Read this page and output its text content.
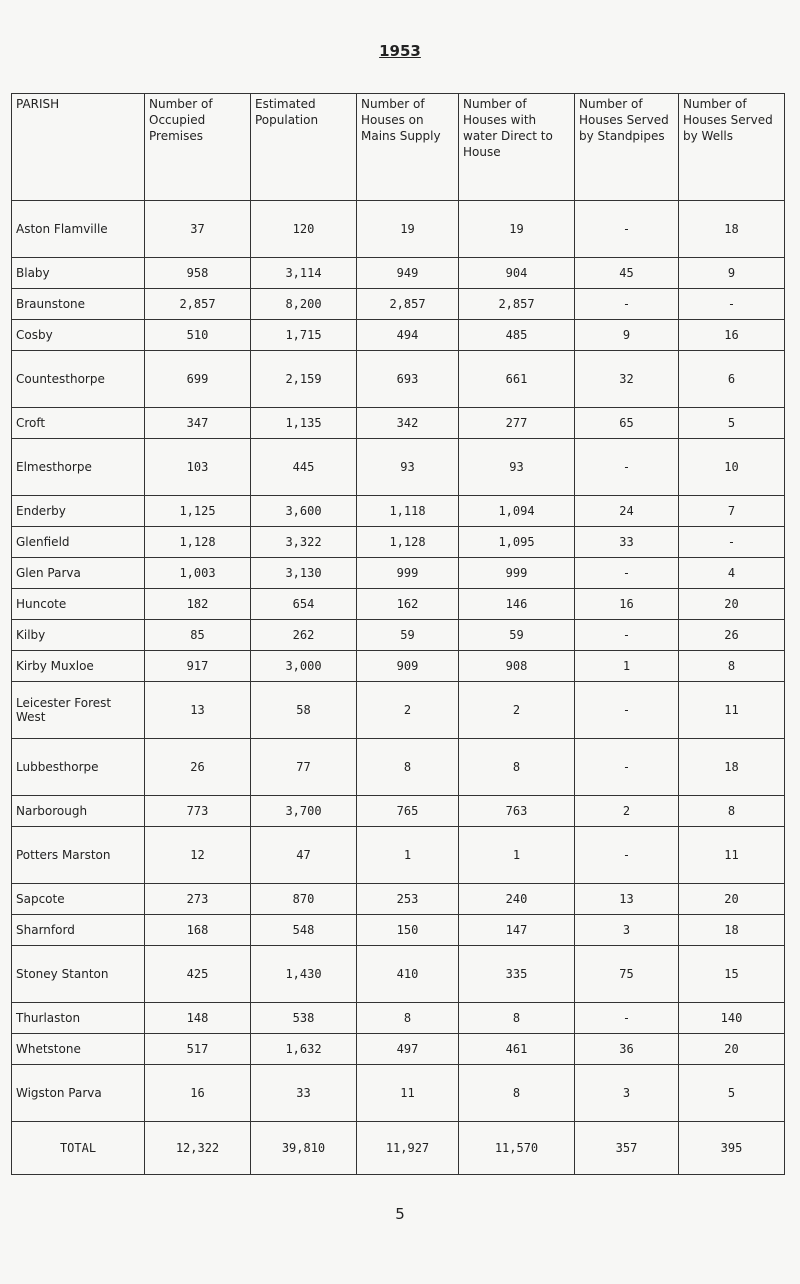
1953
PARISH	Number of Occupied Premises	Estimated Population	Number of Houses on Mains Supply	Number of Houses with water Direct to House	Number of Houses Served by Standpipes	Number of Houses Served by Wells
Aston Flamville	37	120	19	19	-	18
Blaby	958	3,114	949	904	45	9
Braunstone	2,857	8,200	2,857	2,857	-	-
Cosby	510	1,715	494	485	9	16
Countesthorpe	699	2,159	693	661	32	6
Croft	347	1,135	342	277	65	5
Elmesthorpe	103	445	93	93	-	10
Enderby	1,125	3,600	1,118	1,094	24	7
Glenfield	1,128	3,322	1,128	1,095	33	-
Glen Parva	1,003	3,130	999	999	-	4
Huncote	182	654	162	146	16	20
Kilby	85	262	59	59	-	26
Kirby Muxloe	917	3,000	909	908	1	8
Leicester Forest West	13	58	2	2	-	11
Lubbesthorpe	26	77	8	8	-	18
Narborough	773	3,700	765	763	2	8
Potters Marston	12	47	1	1	-	11
Sapcote	273	870	253	240	13	20
Sharnford	168	548	150	147	3	18
Stoney Stanton	425	1,430	410	335	75	15
Thurlaston	148	538	8	8	-	140
Whetstone	517	1,632	497	461	36	20
Wigston Parva	16	33	11	8	3	5
TOTAL	12,322	39,810	11,927	11,570	357	395
5
